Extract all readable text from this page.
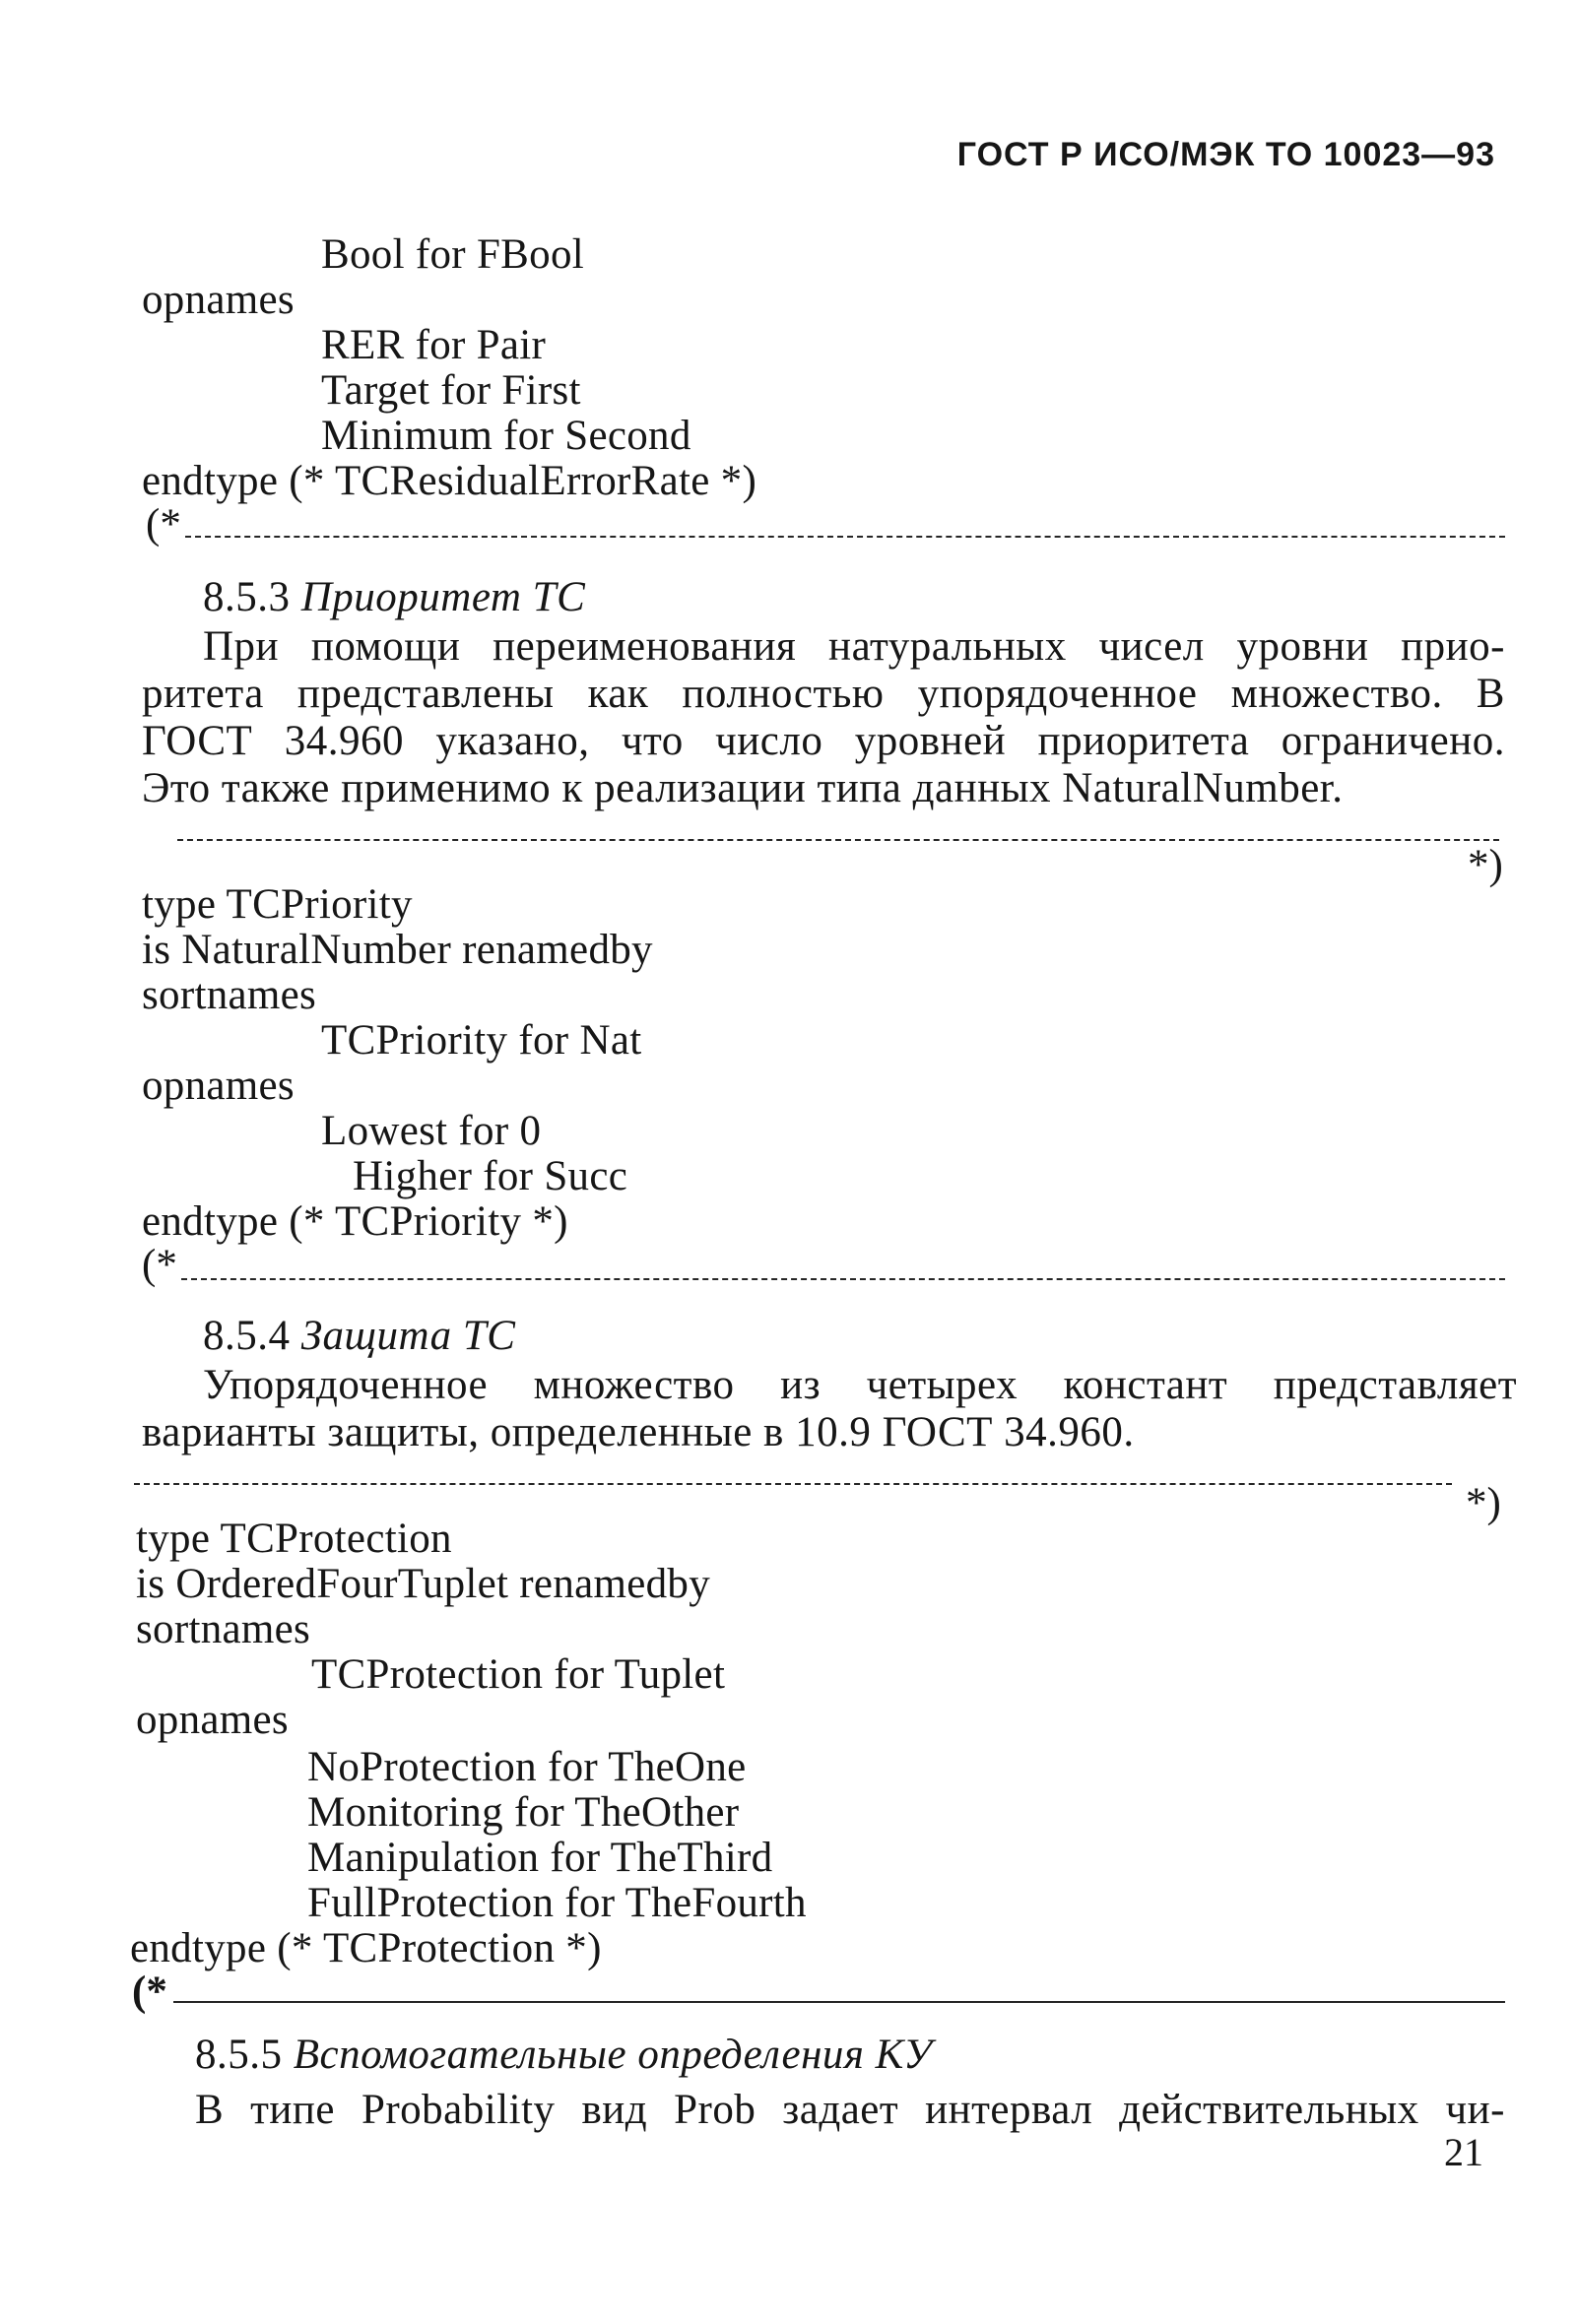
ГОСТ Р ИСО/МЭК ТО 10023—93
Bool for FBool
opnames
RER for Pair
Target for First
Minimum for Second
endtype (* TCResidualErrorRate *)
(*
8.5.3 Приоритет ТС
При помощи переименования натуральных чисел уровни прио-
ритета представлены как полностью упорядоченное множество. В
ГОСТ 34.960 указано, что число уровней приоритета ограничено.
Это также применимо к реализации типа данных NaturalNumber.
*)
type TCPriority
is NaturalNumber renamedby
sortnames
TCPriority for Nat
opnames
Lowest for 0
Higher for Succ
endtype (* TCPriority *)
(*
8.5.4 Защита ТС
Упорядоченное множество из четырех констант представляет
варианты защиты, определенные в 10.9 ГОСТ 34.960.
*)
type TCProtection
is OrderedFourTuplet renamedby
sortnames
TCProtection for Tuplet
opnames
NoProtection for TheOne
Monitoring for TheOther
Manipulation for TheThird
FullProtection for TheFourth
endtype (* TCProtection *)
(*
8.5.5 Вспомогательные определения КУ
В типе Probability вид Prob задает интервал действительных чи-
21
